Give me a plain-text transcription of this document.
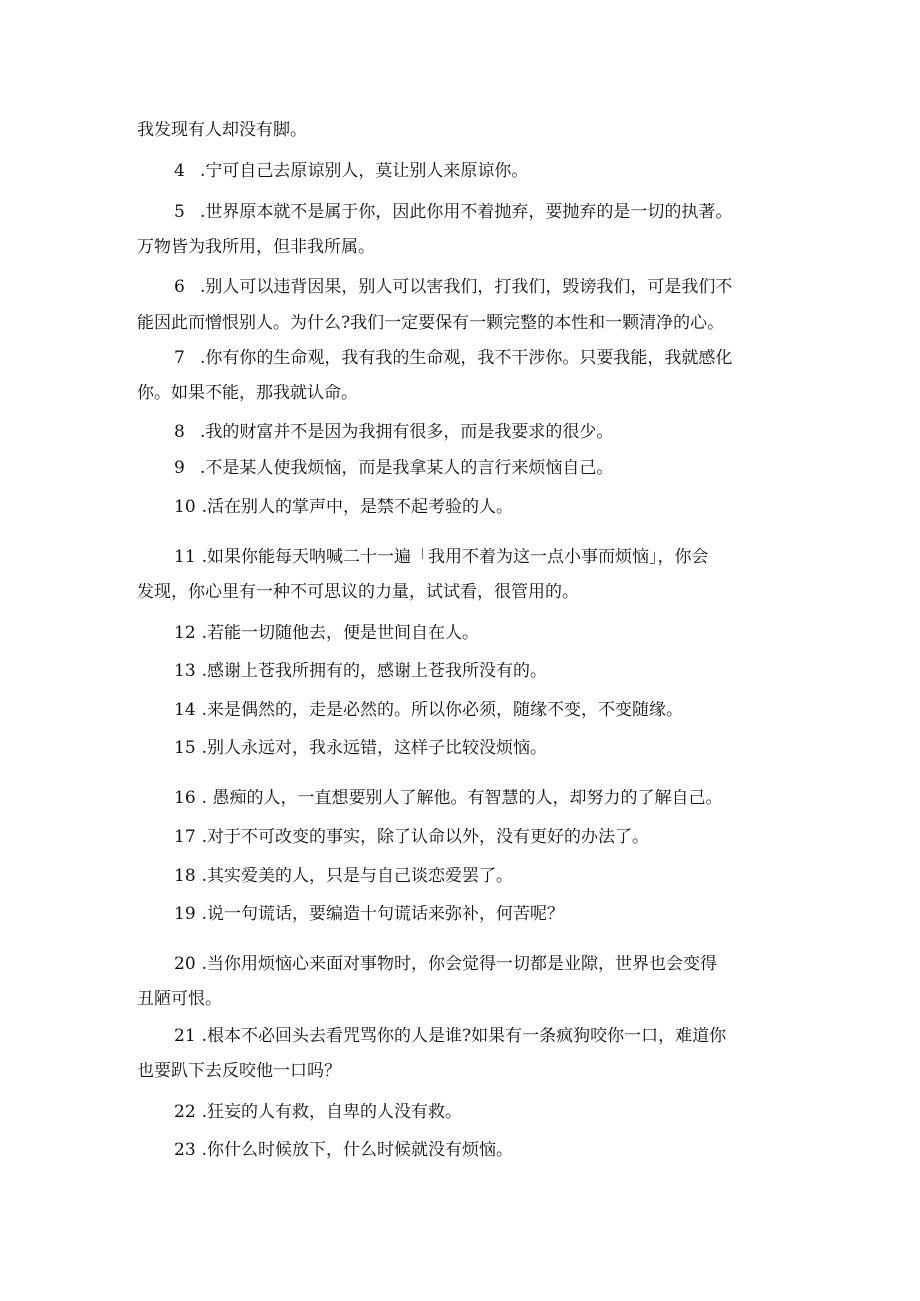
我发现有人却没有脚。
4 .宁可自己去原谅别人，莫让别人来原谅你。
5 .世界原本就不是属于你，因此你用不着抛弃，要抛弃的是一切的执著。
万物皆为我所用，但非我所属。
6 .别人可以违背因果，别人可以害我们，打我们，毁谤我们，可是我们不
能因此而憎恨别人。为什么?我们一定要保有一颗完整的本性和一颗清净的心。
7 .你有你的生命观，我有我的生命观，我不干涉你。只要我能，我就感化
你。如果不能，那我就认命。
8 .我的财富并不是因为我拥有很多，而是我要求的很少。
9 .不是某人使我烦恼，而是我拿某人的言行来烦恼自己。
10 .活在别人的掌声中，是禁不起考验的人。
11 .如果你能每天呐喊二十一遍「我用不着为这一点小事而烦恼」，你会
发现，你心里有一种不可思议的力量，试试看，很管用的。
12 .若能一切随他去，便是世间自在人。
13 .感谢上苍我所拥有的，感谢上苍我所没有的。
14 .来是偶然的，走是必然的。所以你必须，随缘不变，不变随缘。
15 .别人永远对，我永远错，这样子比较没烦恼。
16 . 愚痴的人，一直想要别人了解他。有智慧的人，却努力的了解自己。
17 .对于不可改变的事实，除了认命以外，没有更好的办法了。
18 .其实爱美的人，只是与自己谈恋爱罢了。
19 .说一句谎话，要编造十句谎话来弥补，何苦呢？
20 .当你用烦恼心来面对事物时，你会觉得一切都是业隙，世界也会变得
丑陋可恨。
21 .根本不必回头去看咒骂你的人是谁?如果有一条疯狗咬你一口，难道你
也要趴下去反咬他一口吗？
22 .狂妄的人有救，自卑的人没有救。
23 .你什么时候放下，什么时候就没有烦恼。
